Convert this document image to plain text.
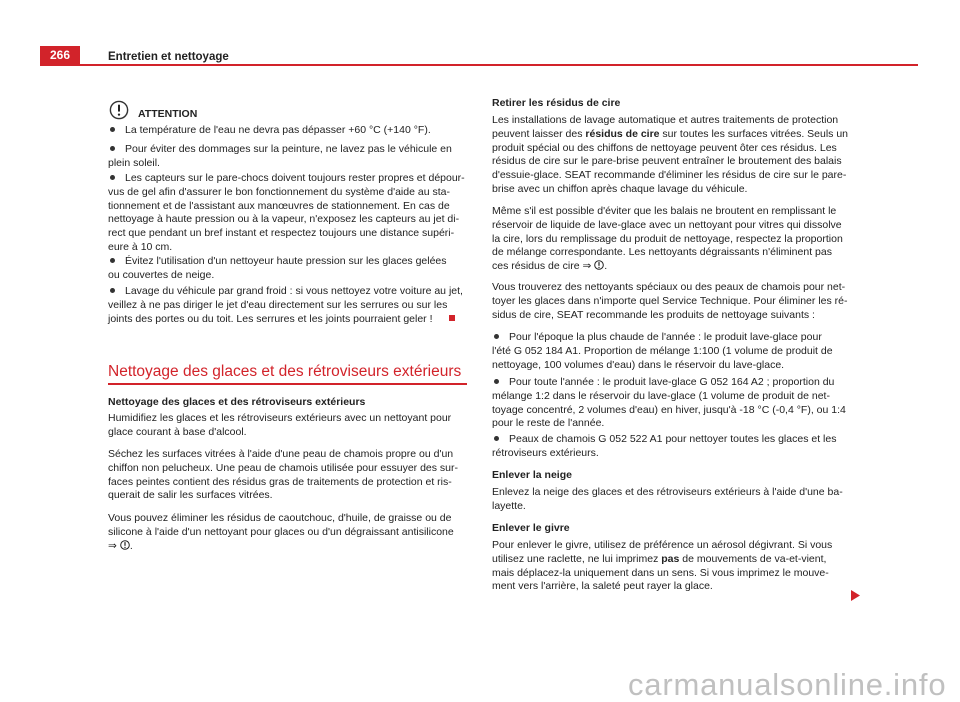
266	Entretien et nettoyage
ATTENTION
La température de l'eau ne devra pas dépasser +60 °C (+140 °F).
Pour éviter des dommages sur la peinture, ne lavez pas le véhicule en
plein soleil.
Les capteurs sur le pare-chocs doivent toujours rester propres et dépour-
vus de gel afin d'assurer le bon fonctionnement du système d'aide au sta-
tionnement et de l'assistant aux manœuvres de stationnement. En cas de
nettoyage à haute pression ou à la vapeur, n'exposez les capteurs au jet di-
rect que pendant un bref instant et respectez toujours une distance supéri-
eure à 10 cm.
Évitez l'utilisation d'un nettoyeur haute pression sur les glaces gelées
ou couvertes de neige.
Lavage du véhicule par grand froid : si vous nettoyez votre voiture au jet,
veillez à ne pas diriger le jet d'eau directement sur les serrures ou sur les
joints des portes ou du toit. Les serrures et les joints pourraient geler !
Nettoyage des glaces et des rétroviseurs extérieurs
Nettoyage des glaces et des rétroviseurs extérieurs
Humidifiez les glaces et les rétroviseurs extérieurs avec un nettoyant pour
glace courant à base d'alcool.
Séchez les surfaces vitrées à l'aide d'une peau de chamois propre ou d'un
chiffon non pelucheux. Une peau de chamois utilisée pour essuyer des sur-
faces peintes contient des résidus gras de traitements de protection et ris-
querait de salir les surfaces vitrées.
Vous pouvez éliminer les résidus de caoutchouc, d'huile, de graisse ou de
silicone à l'aide d'un nettoyant pour glaces ou d'un dégraissant antisilicone
⇒ .
Retirer les résidus de cire
Les installations de lavage automatique et autres traitements de protection
peuvent laisser des résidus de cire sur toutes les surfaces vitrées. Seuls un
produit spécial ou des chiffons de nettoyage peuvent ôter ces résidus. Les
résidus de cire sur le pare-brise peuvent entraîner le broutement des balais
d'essuie-glace. SEAT recommande d'éliminer les résidus de cire sur le pare-
brise avec un chiffon après chaque lavage du véhicule.
Même s'il est possible d'éviter que les balais ne broutent en remplissant le
réservoir de liquide de lave-glace avec un nettoyant pour vitres qui dissolve
la cire, lors du remplissage du produit de nettoyage, respectez la proportion
de mélange correspondante. Les nettoyants dégraissants n'éliminent pas
ces résidus de cire ⇒ .
Vous trouverez des nettoyants spéciaux ou des peaux de chamois pour net-
toyer les glaces dans n'importe quel Service Technique. Pour éliminer les ré-
sidus de cire, SEAT recommande les produits de nettoyage suivants :
Pour l'époque la plus chaude de l'année : le produit lave-glace pour
l'été G 052 184 A1. Proportion de mélange 1:100 (1 volume de produit de
nettoyage, 100 volumes d'eau) dans le réservoir du lave-glace.
Pour toute l'année : le produit lave-glace G 052 164 A2 ; proportion du
mélange 1:2 dans le réservoir du lave-glace (1 volume de produit de net-
toyage concentré, 2 volumes d'eau) en hiver, jusqu'à -18 °C (-0,4 °F), ou 1:4
pour le reste de l'année.
Peaux de chamois G 052 522 A1 pour nettoyer toutes les glaces et les
rétroviseurs extérieurs.
Enlever la neige
Enlevez la neige des glaces et des rétroviseurs extérieurs à l'aide d'une ba-
layette.
Enlever le givre
Pour enlever le givre, utilisez de préférence un aérosol dégivrant. Si vous
utilisez une raclette, ne lui imprimez pas de mouvements de va-et-vient,
mais déplacez-la uniquement dans un sens. Si vous imprimez le mouve-
ment vers l'arrière, la saleté peut rayer la glace.
carmanualsonline.info
